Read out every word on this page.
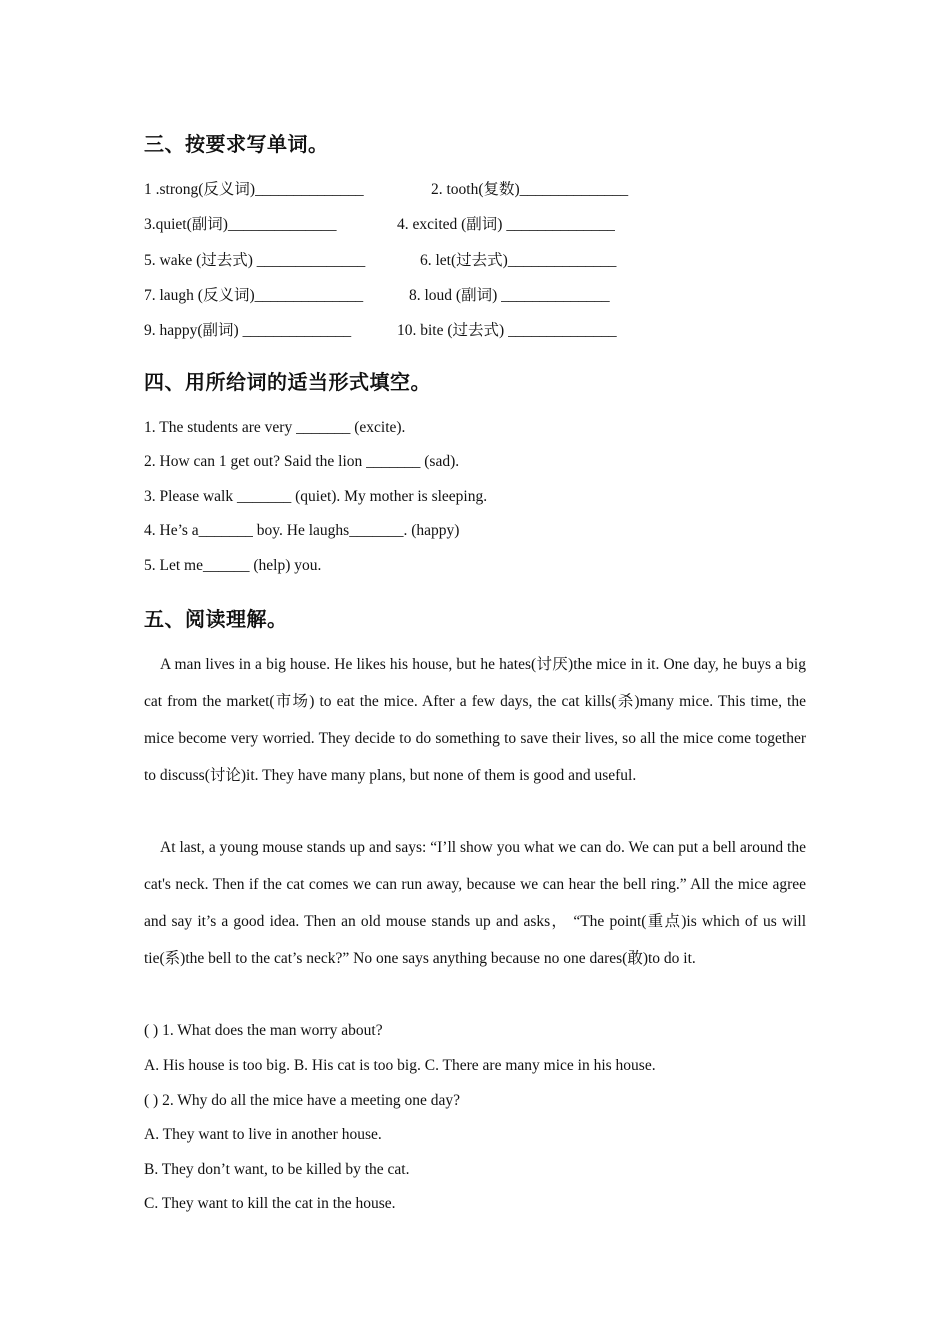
三、按要求写单词。
1 .strong(反义词)______________	2. tooth(复数)______________
3.quiet(副词)______________	4. excited (副词) ______________
5. wake (过去式) ______________	6. let(过去式)______________
7. laugh (反义词)______________	8. loud (副词) ______________
9. happy(副词) ______________	10. bite (过去式) ______________
四、用所给词的适当形式填空。
1. The students are very _______ (excite).
2. How can 1 get out? Said the lion _______ (sad).
3. Please walk _______ (quiet). My mother is sleeping.
4. He’s a_______ boy. He laughs_______. (happy)
5. Let me______ (help) you.
五、阅读理解。
A man lives in a big house. He likes his house, but he hates(讨厌)the mice in it. One day, he buys a big cat from the market(市场) to eat the mice. After a few days, the cat kills(杀)many mice. This time, the mice become very worried. They decide to do something to save their lives, so all the mice come together to discuss(讨论)it. They have many plans, but none of them is good and useful.
At last, a young mouse stands up and says: “I’ll show you what we can do. We can put a bell around the cat's neck. Then if the cat comes we can run away, because we can hear the bell ring.” All the mice agree and say it’s a good idea. Then an old mouse stands up and asks， “The point(重点)is which of us will tie(系)the bell to the cat’s neck?” No one says anything because no one dares(敢)to do it.
( ) 1. What does the man worry about?
A. His house is too big. B. His cat is too big. C. There are many mice in his house.
( ) 2. Why do all the mice have a meeting one day?
A. They want to live in another house.
B. They don’t want, to be killed by the cat.
C. They want to kill the cat in the house.
